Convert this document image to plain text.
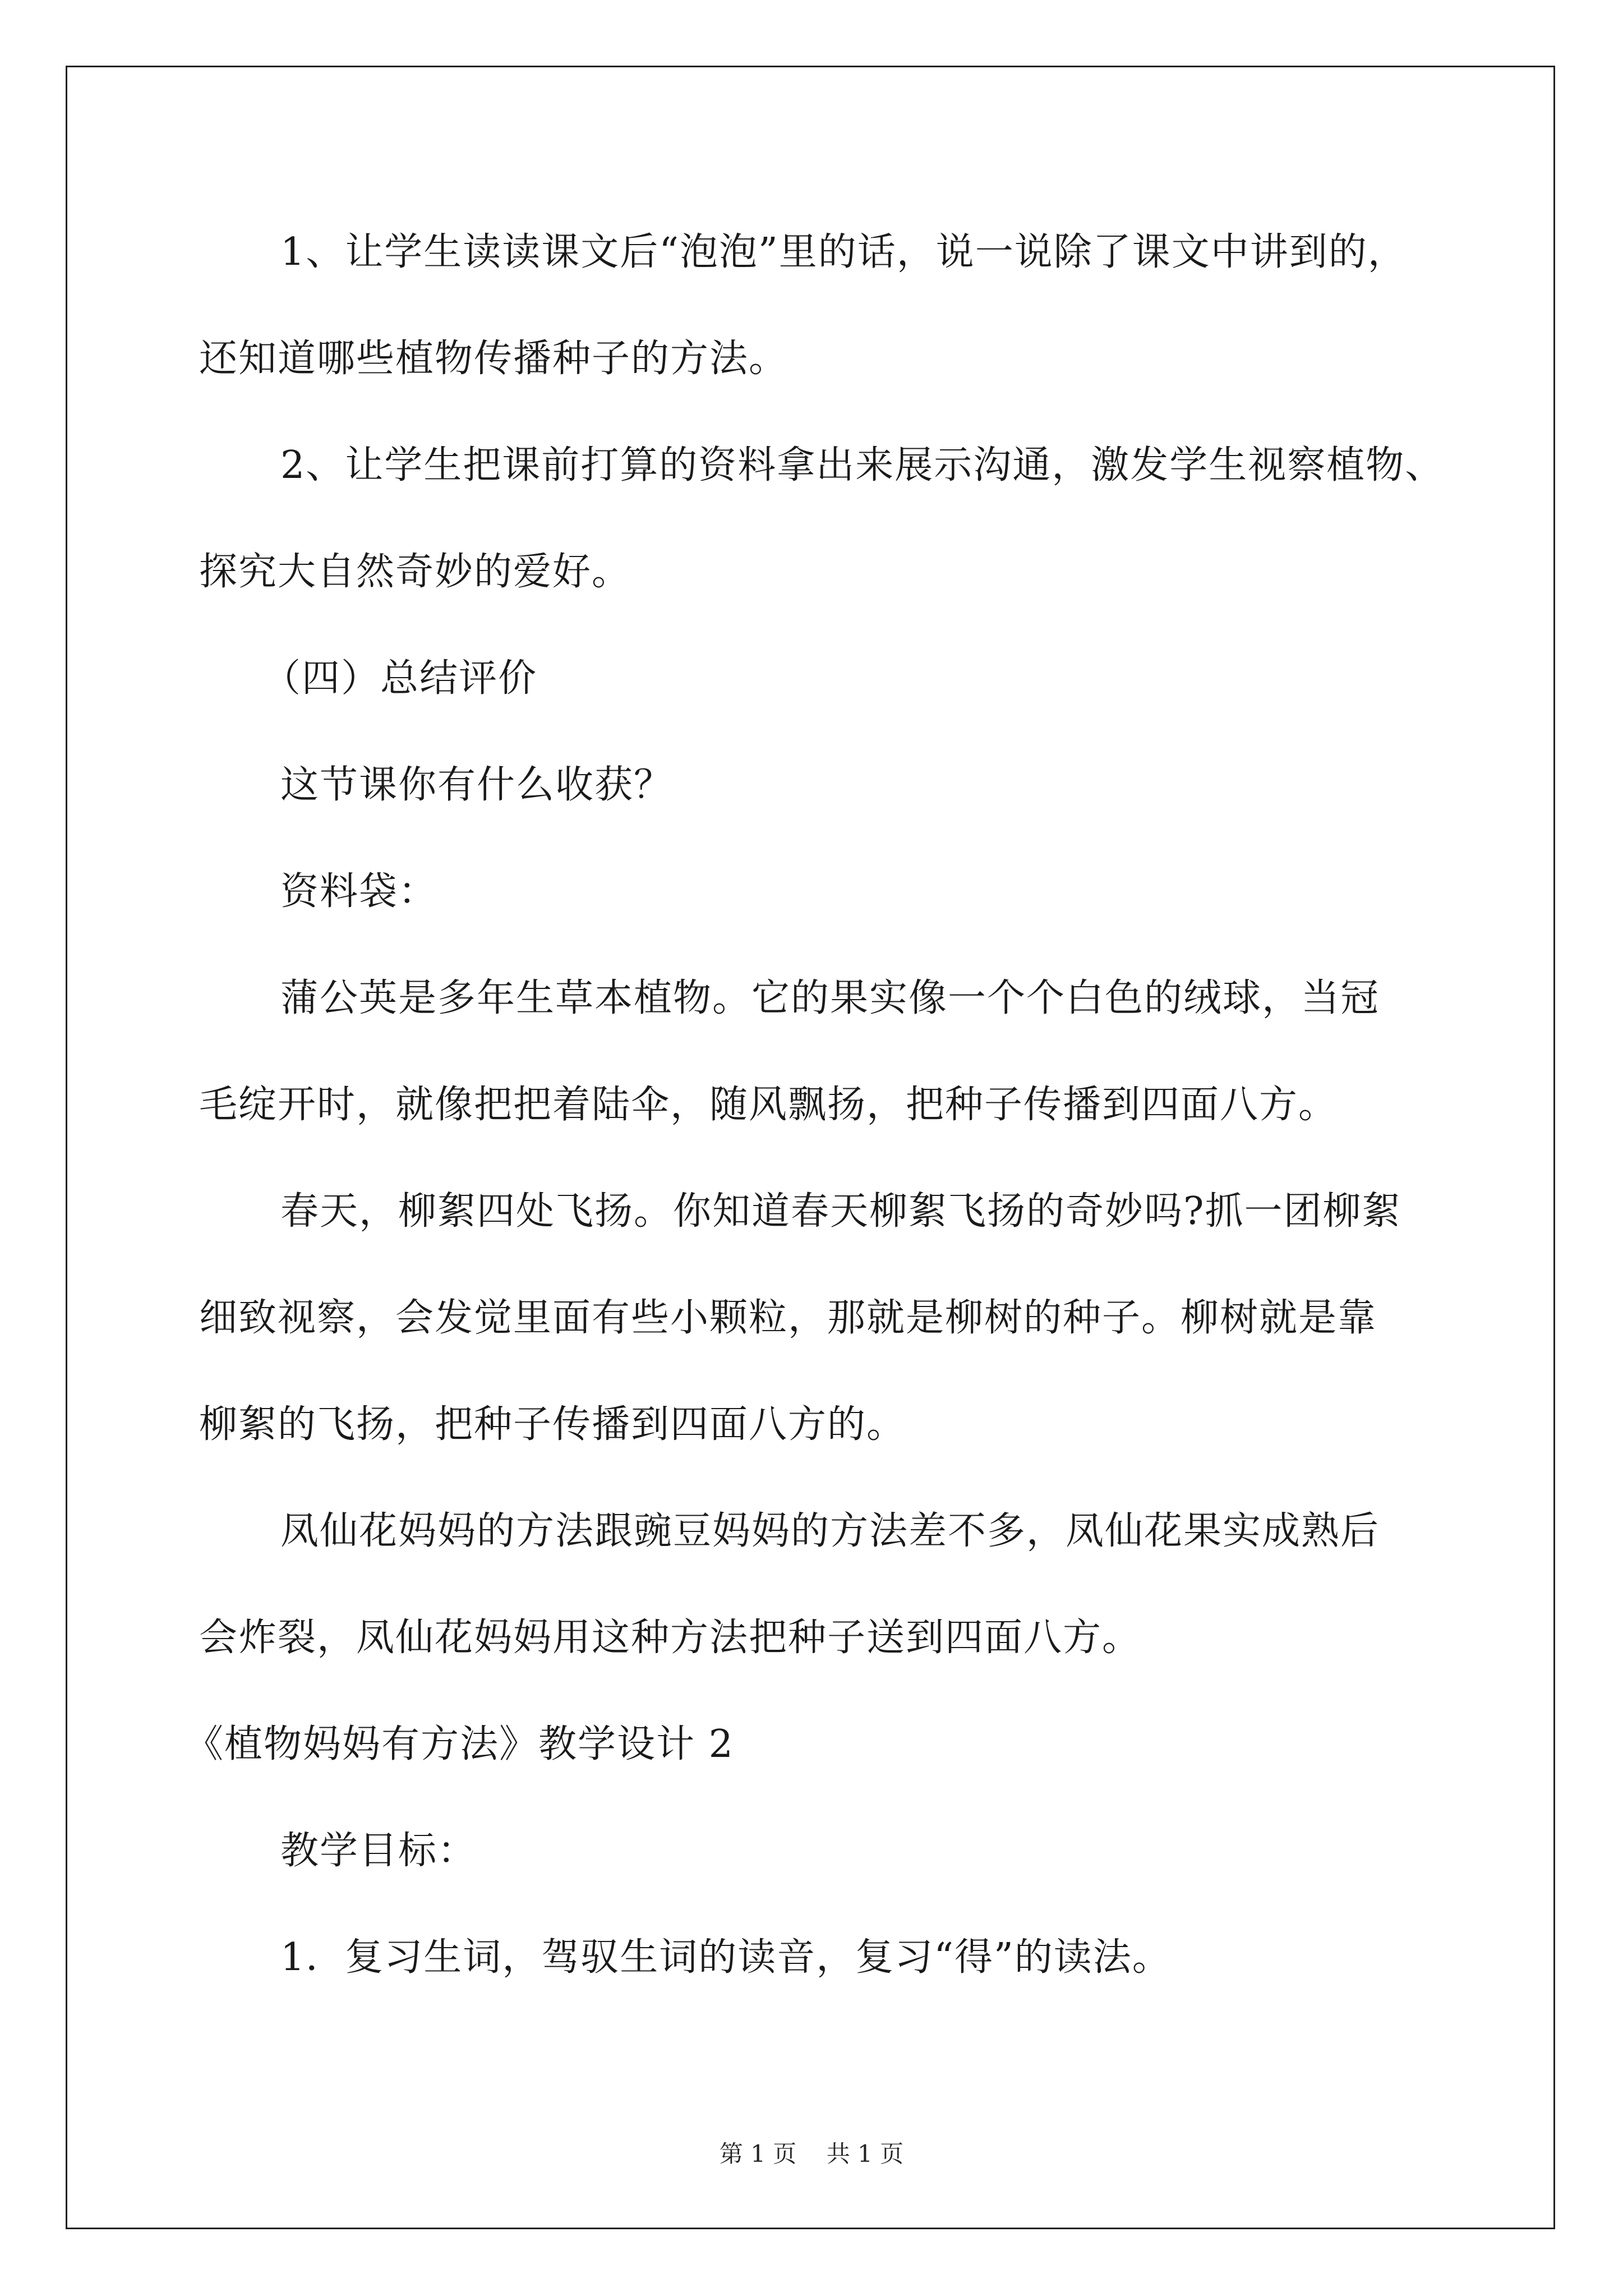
1、让学生读读课文后“泡泡”里的话，说一说除了课文中讲到的，
还知道哪些植物传播种子的方法。
2、让学生把课前打算的资料拿出来展示沟通，激发学生视察植物、
探究大自然奇妙的爱好。
（四）总结评价
这节课你有什么收获？
资料袋：
蒲公英是多年生草本植物。它的果实像一个个白色的绒球，当冠
毛绽开时，就像把把着陆伞，随风飘扬，把种子传播到四面八方。
春天，柳絮四处飞扬。你知道春天柳絮飞扬的奇妙吗?抓一团柳絮
细致视察，会发觉里面有些小颗粒，那就是柳树的种子。柳树就是靠
柳絮的飞扬，把种子传播到四面八方的。
凤仙花妈妈的方法跟豌豆妈妈的方法差不多，凤仙花果实成熟后
会炸裂，凤仙花妈妈用这种方法把种子送到四面八方。
《植物妈妈有方法》教学设计 2
教学目标：
1．复习生词，驾驭生词的读音，复习“得”的读法。
第 1 页    共 1 页
